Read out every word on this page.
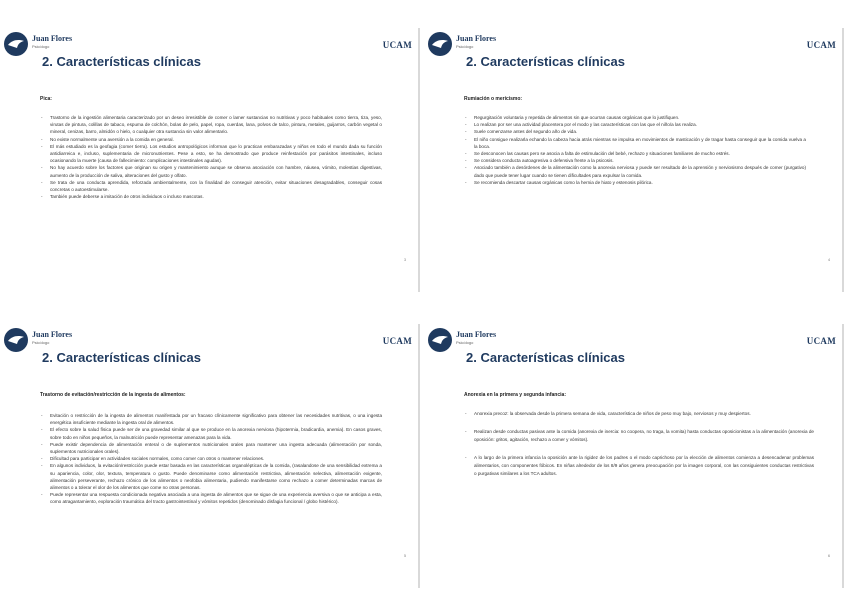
Juan Flores
Psicólogo	UCAM
2. Características clínicas
Pica:
- Trastorno de la ingestión alimentaria caracterizado por un deseo irresistible de comer o lamer sustancias no nutritivas y poco habituales como tierra, tiza, yeso, virutas de pintura, colillas de tabaco, espuma de colchón, bolas de pelo, papel, ropa, cuerdas, lana, polvos de talco, pintura, metales, guijarros, carbón vegetal o mineral, cenizas, barro, almidón o hielo, o cualquier otra sustancia sin valor alimentario.
- No existe normalmente una aversión a la comida en general.
- El más estudiado es la geofagia (comer tierra). Los estudios antropológicos informan que lo practican embarazadas y niños en todo el mundo dada su función antidiarreica e, incluso, suplementaria de micronutrientes. Pese a esto, se ha demostrado que produce reinfestación por parásitos intestinales, incluso ocasionando la muerte (causa de fallecimiento: complicaciones intestinales agudas).
- No hay acuerdo sobre los factores que originan su origen y mantenimiento aunque se observa asociación con hambre, náusea, vómito, molestias digestivas, aumento de la producción de saliva, alteraciones del gusto y olfato.
- Se trata de una conducta aprendida, reforzada ambientalmente, con la finalidad de conseguir atención, evitar situaciones desagradables, conseguir cosas concretas o autoestimularse.
- También puede deberse a imitación de otros individuos o incluso mascotas.
3
Juan Flores
Psicólogo	UCAM
2. Características clínicas
Rumiación o merícismo:
- Regurgitación voluntaria y repetida de alimentos sin que ocurran causas orgánicas que lo justifiquen.
- Lo realizan por ser una actividad placentera por el modo y las características con las que el niño/a las realiza.
- Suele comenzarse antes del segundo año de vida.
- El niño consigue realizarla echando la cabeza hacia atrás mientras se impulsa en movimientos de masticación y de tragar hasta conseguir que la comida vuelva a la boca.
- Se desconocen las causas pero se asocia a falta de estimulación del bebé, rechazo y situaciones familiares de mucho estrés.
- Se considera conducta autoagresiva o defensiva frente a la psicosis.
- Asociado también a desórdenes de la alimentación como la anorexia nerviosa y puede ser resultado de la aprensión y nerviosismo después de comer (purgativo) dado que puede tener lugar cuando se tienen dificultades para expulsar la comida.
- Se recomienda descartar causas orgánicas como la hernia de hiato y estenosis pilórica.
4
Juan Flores
Psicólogo	UCAM
2. Características clínicas
Trastorno de evitación/restricción de la ingesta de alimentos:
- Evitación o restricción de la ingesta de alimentos manifestada por un fracaso clínicamente significativo para obtener las necesidades nutritivas, o una ingesta energética insuficiente mediante la ingesta oral de alimentos.
- El efecto sobre la salud física puede ser de una gravedad similar al que se produce en la anorexia nerviosa (hipotermia, bradicardia, anemia). En casos graves, sobre todo en niños pequeños, la malnutrición puede representar amenazas para la vida.
- Puede existir dependencia de alimentación enteral o de suplementos nutricionales orales para mantener una ingesta adecuada (alimentación por sonda, suplementos nutricionales orales).
- Dificultad para participar en actividades sociales normales, como comer con otros o mantener relaciones.
- En algunos individuos, la evitación/restricción puede estar basada en las características organolépticas de la comida, (rasalandose de una sensibilidad extrema a su apariencia, color, olor, textura, temperatura o gusto. Puede denominarse como alimentación restrictiva, alimentación selectiva, alimentación exigente, alimentación perseverante, rechazo crónico de los alimentos o neofobia alimentaria, pudiendo manifestarse como rechazo a comer determinadas marcas de alimentos o a tolerar el olor de los alimentos que come no otras personas.
- Puede representar una respuesta condicionada negativa asociada a una ingesta de alimentos que se sigue de una experiencia aversiva o que se anticipa a esta, como atragantamiento, exploración traumática del tracto gastrointestinal y vómitos repetidos (denominado disfagia funcional / globo histérico).
5
Juan Flores
Psicólogo	UCAM
2. Características clínicas
Anorexia en la primera y segunda infancia:
- Anorexia precoz: la observada desde la primera semana de vida, característica de niños de peso muy bajo, nerviosos y muy despiertos.
- Realizan desde conductas pasivas ante la comida (anorexia de inercia: no coopera, no traga, la vomita) hasta conductas oposicionistas a la alimentación (anorexia de oposición: gritos, agitación, rechazo a comer y vómitos).
- A lo largo de la primera infancia la oposición ante la rigidez de los padres o el modo caprichoso por la elección de alimentos comienza a desencadenar problemas alimentarios, con componentes fóbicos. En niñas alrededor de los 8/9 años genera preocupación por la imagen corporal, con las consiguientes conductas restrictivas o purgativas similares a los TCA adultos.
6
